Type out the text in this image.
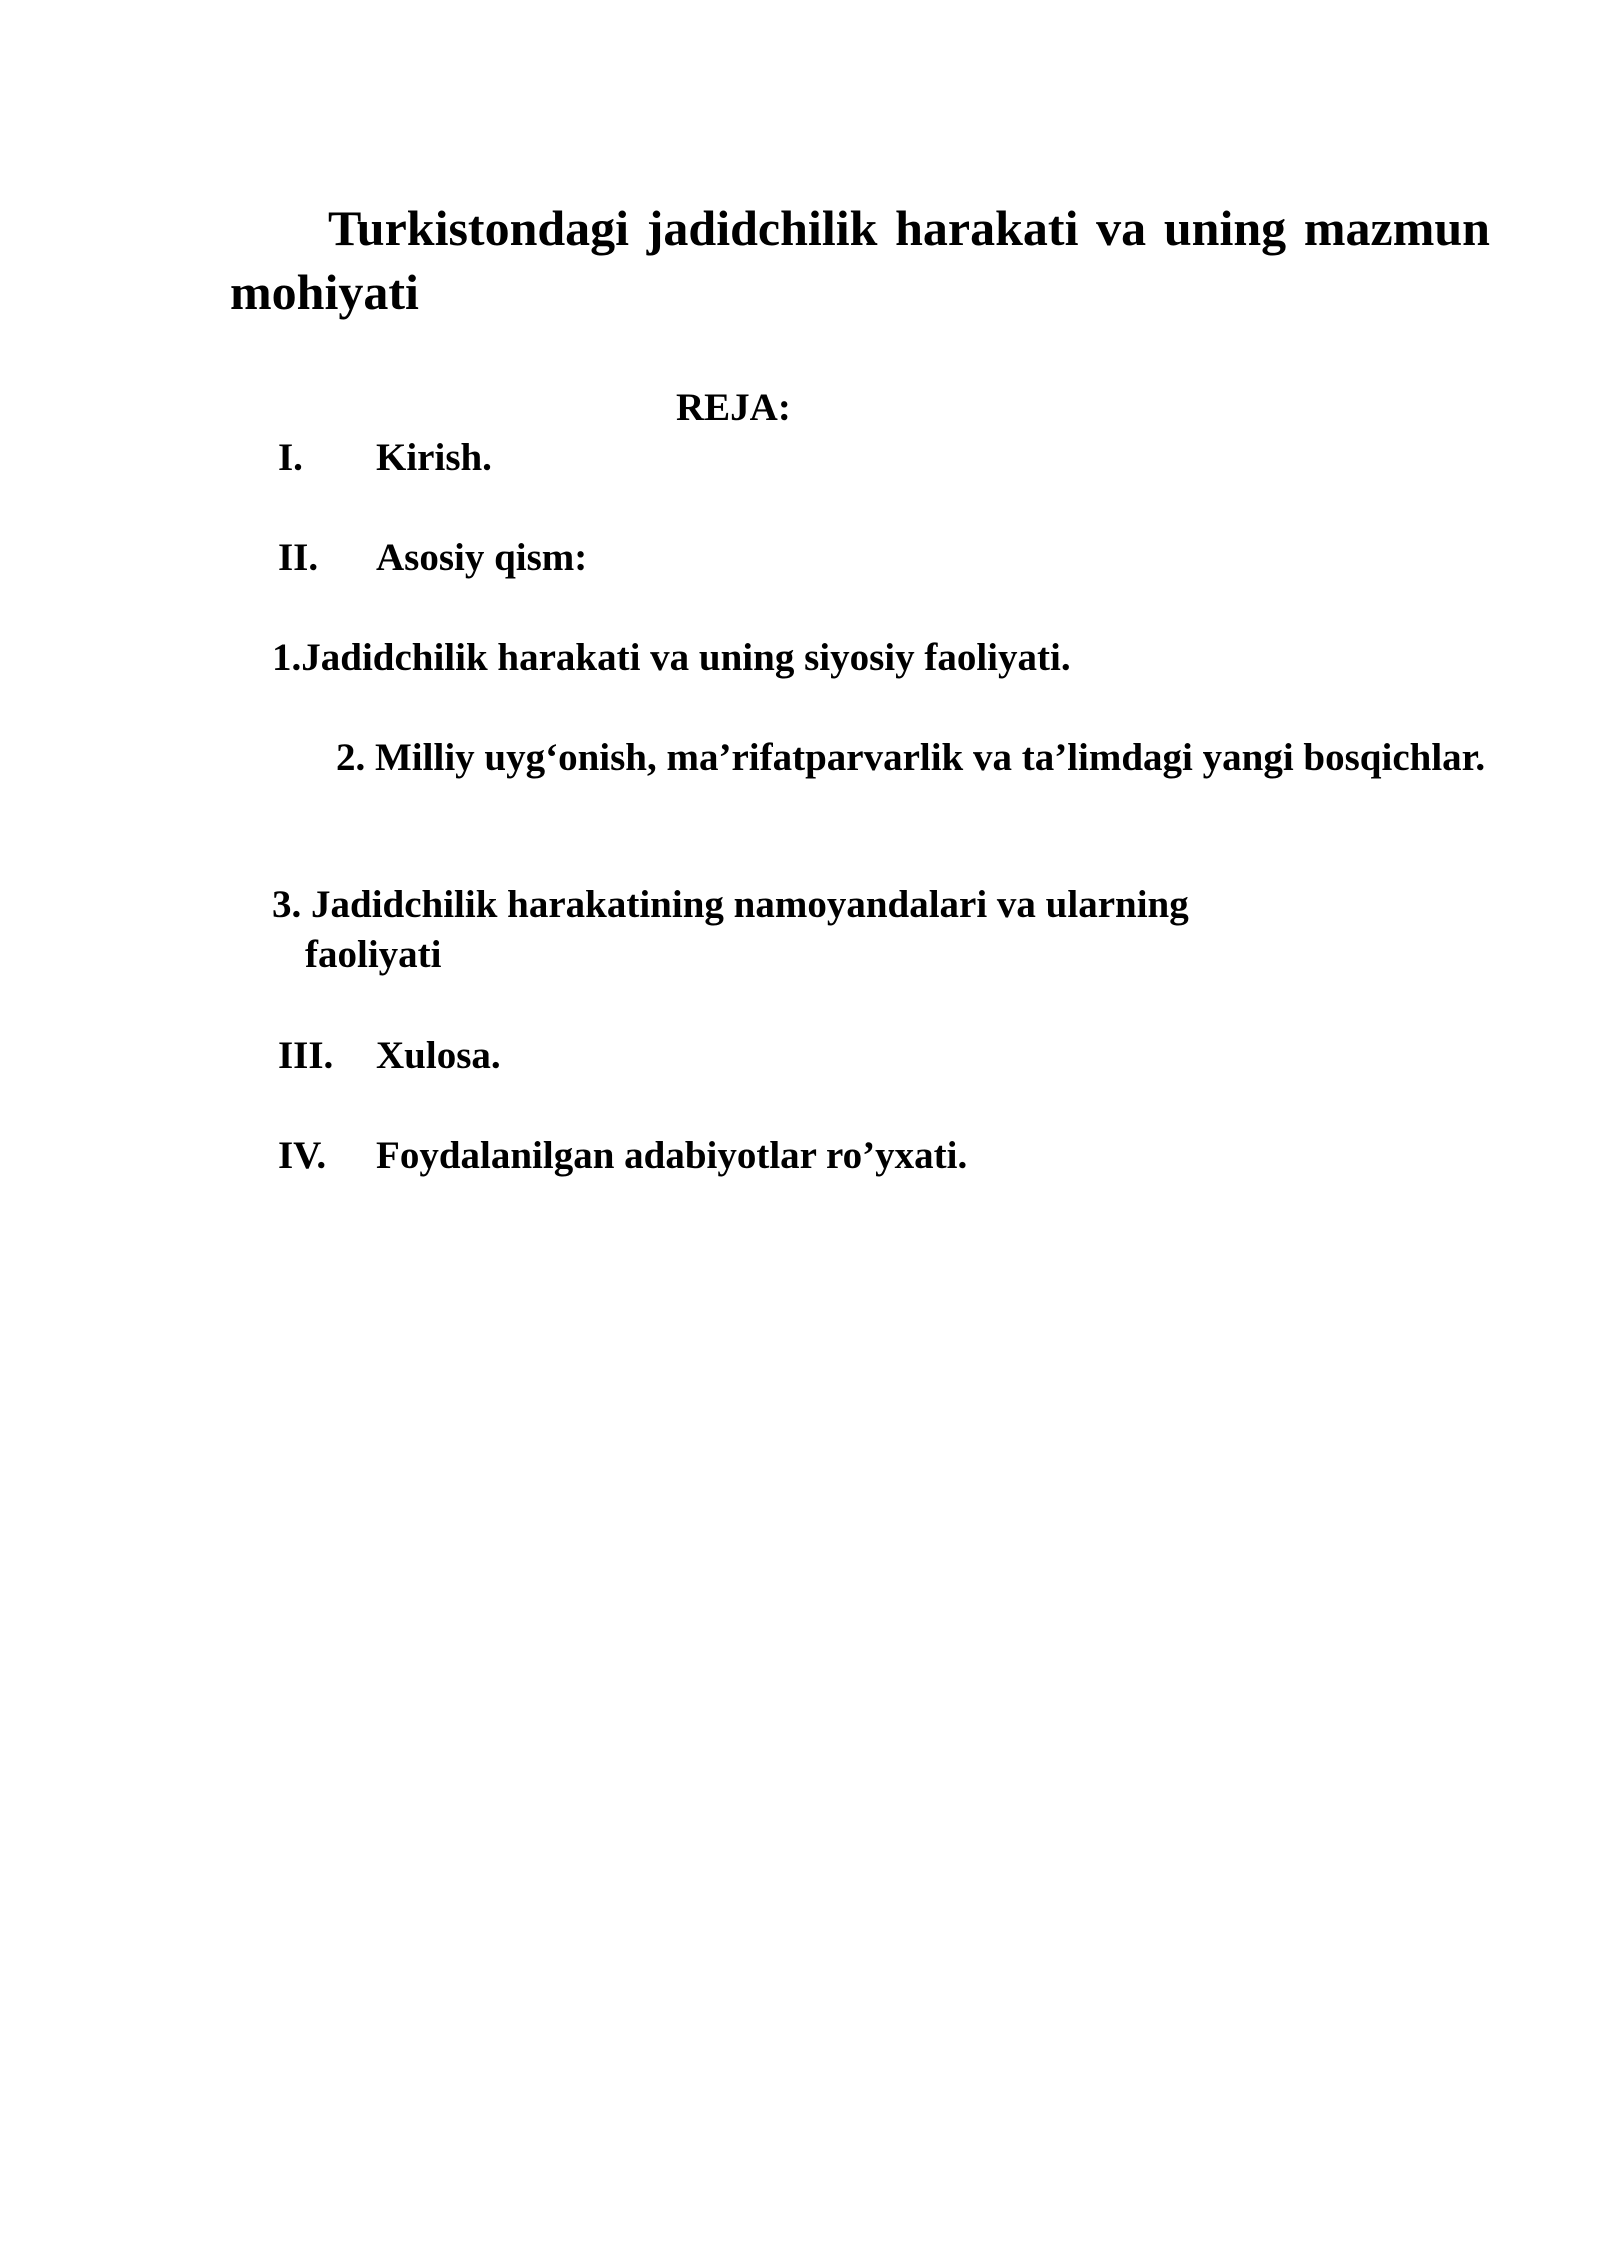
Turkistondagi jadidchilik harakati va uning mazmun mohiyati

REJA:

I. Kirish.
II. Asosiy qism:
1.Jadidchilik harakati va uning siyosiy faoliyati.

2. Milliy uyg‘onish, ma’rifatparvarlik va ta’limdagi yangi bosqichlar.

3. Jadidchilik harakatining namoyandalari va ularning
faoliyati

III. Xulosa.
IV. Foydalanilgan adabiyotlar ro’yxati.
